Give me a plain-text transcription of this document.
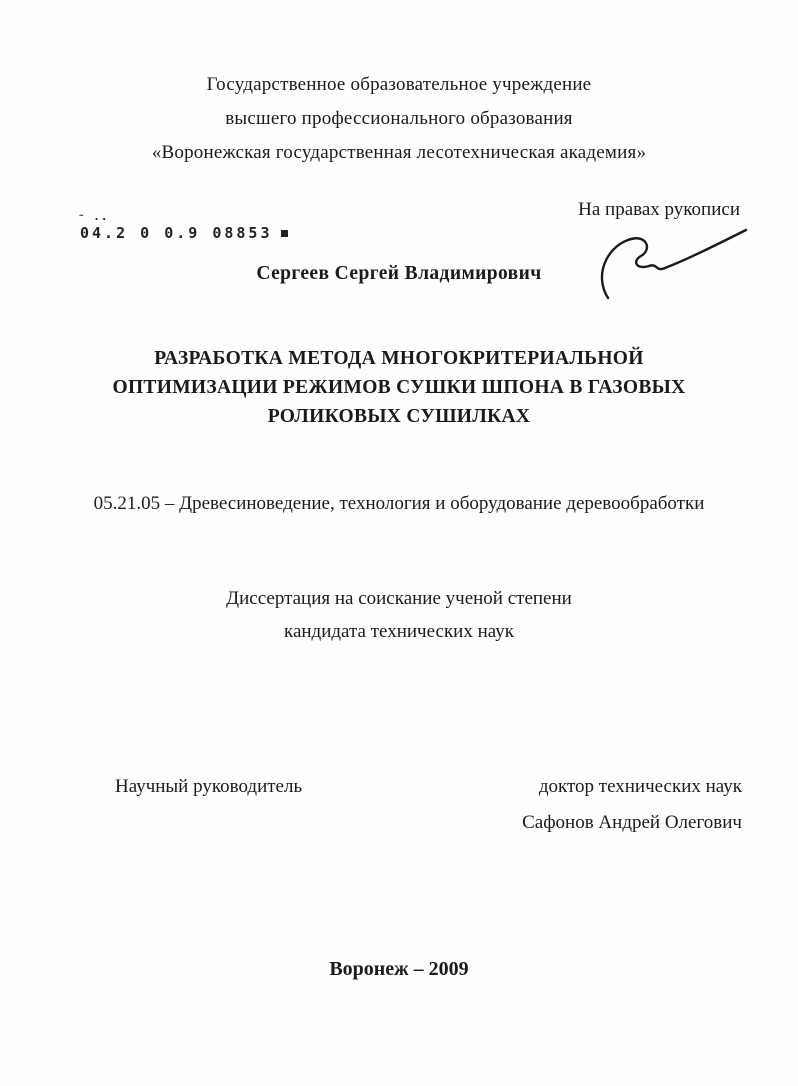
Государственное образовательное учреждение
высшего профессионального образования
«Воронежская государственная лесотехническая академия»
На правах рукописи
˜ ··
04.2 0 0.9 08853
Сергеев Сергей Владимирович
РАЗРАБОТКА МЕТОДА МНОГОКРИТЕРИАЛЬНОЙ
ОПТИМИЗАЦИИ РЕЖИМОВ СУШКИ ШПОНА В ГАЗОВЫХ
РОЛИКОВЫХ СУШИЛКАХ
05.21.05 – Древесиноведение, технология и оборудование деревообработки
Диссертация на соискание ученой степени
кандидата технических наук
Научный руководитель	доктор технических наук
Сафонов Андрей Олегович
Воронеж – 2009
